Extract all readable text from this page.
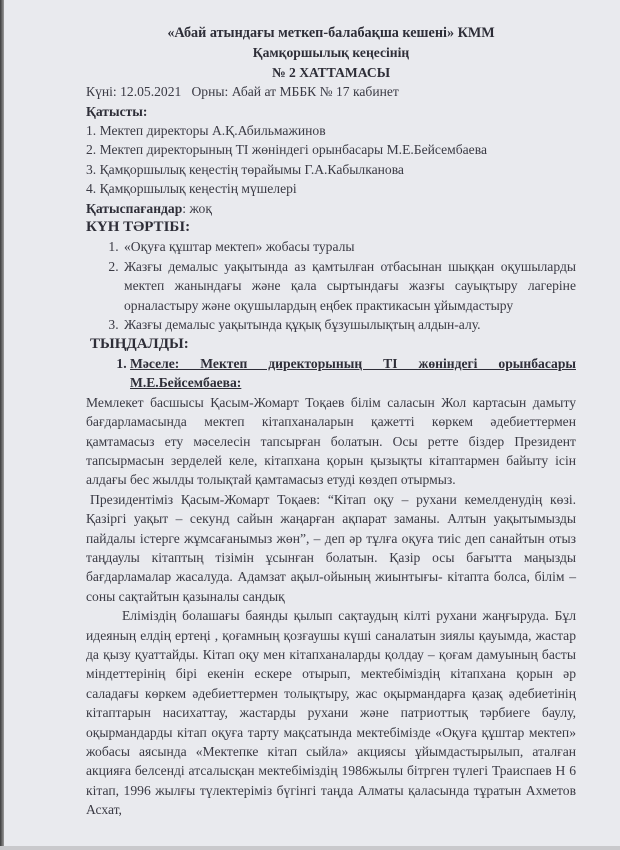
«Абай атындағы меткеп-балабақша кешені» КММ
Қамқоршылық кеңесінің
№ 2 ХАТТАМАСЫ
Күні: 12.05.2021 Орны: Абай ат МББК № 17 кабинет
Қатысты:
1. Мектеп директоры А.Қ.Абильмажинов
2. Мектеп директорының ТІ жөніндегі орынбасары М.Е.Бейсембаева
3. Қамқоршылық кеңестің төрайымы Г.А.Кабылканова
4. Қамқоршылық кеңестің мүшелері
Қатыспағандар: жоқ
КҮН ТӘРТІБІ:
1. «Оқуға құштар мектеп» жобасы туралы
2. Жазғы демалыс уақытында аз қамтылған отбасынан шыққан оқушыларды мектеп жанындағы және қала сыртындағы жазғы сауықтыру лагеріне орналастыру және оқушылардың еңбек практикасын ұйымдастыру
3. Жазғы демалыс уақытында құқық бұзушылықтың алдын-алу.
ТЫҢДАЛДЫ:
1. Мәселе: Мектеп директорының ТІ жөніндегі орынбасары М.Е.Бейсембаева:
Мемлекет басшысы Қасым-Жомарт Тоқаев білім саласын Жол картасын дамыту бағдарламасында мектеп кітапханаларын қажетті көркем әдебиеттермен қамтамасыз ету мәселесін тапсырған болатын. Осы ретте біздер Президент тапсырмасын зерделей келе, кітапхана қорын қызықты кітаптармен байыту ісін алдағы бес жылды толықтай қамтамасыз етуді көздеп отырмыз.
Президентіміз Қасым-Жомарт Тоқаев: “Кітап оқу – рухани кемелденудің көзі. Қазіргі уақыт – секунд сайын жаңарған ақпарат заманы. Алтын уақытымызды пайдалы істерге жұмсағанымыз жөн”, – деп әр тұлға оқуға тиіс деп санайтын отыз таңдаулы кітаптың тізімін ұсынған болатын. Қазір осы бағытта маңызды бағдарламалар жасалуда. Адамзат ақыл-ойының жиынтығы- кітапта болса, білім – соны сақтайтын қазыналы сандық
Еліміздің болашағы баянды қылып сақтаудың кілті рухани жаңғыруда. Бұл идеяның елдің ертеңі , қоғамның қозғаушы күші саналатын зиялы қауымда, жастар да қызу қуаттайды. Кітап оқу мен кітапханаларды қолдау – қоғам дамуының басты міндеттерінің бірі екенін ескере отырып, мектебіміздің кітапхана қорын әр саладағы көркем әдебиеттермен толықтыру, жас оқырмандарға қазақ әдебиетінің кітаптарын насихаттау, жастарды рухани және патриоттық тәрбиеге баулу, оқырмандарды кітап оқуға тарту мақсатында мектебімізде «Оқуға құштар мектеп» жобасы аясында «Мектепке кітап сыйла» акциясы ұйымдастырылып, аталған акцияға белсенді атсалысқан мектебіміздің 1986жылы бітрген түлегі Траиспаев Н 6 кітап, 1996 жылғы түлектеріміз бүгінгі таңда Алматы қаласында тұратын Ахметов Асхат,
